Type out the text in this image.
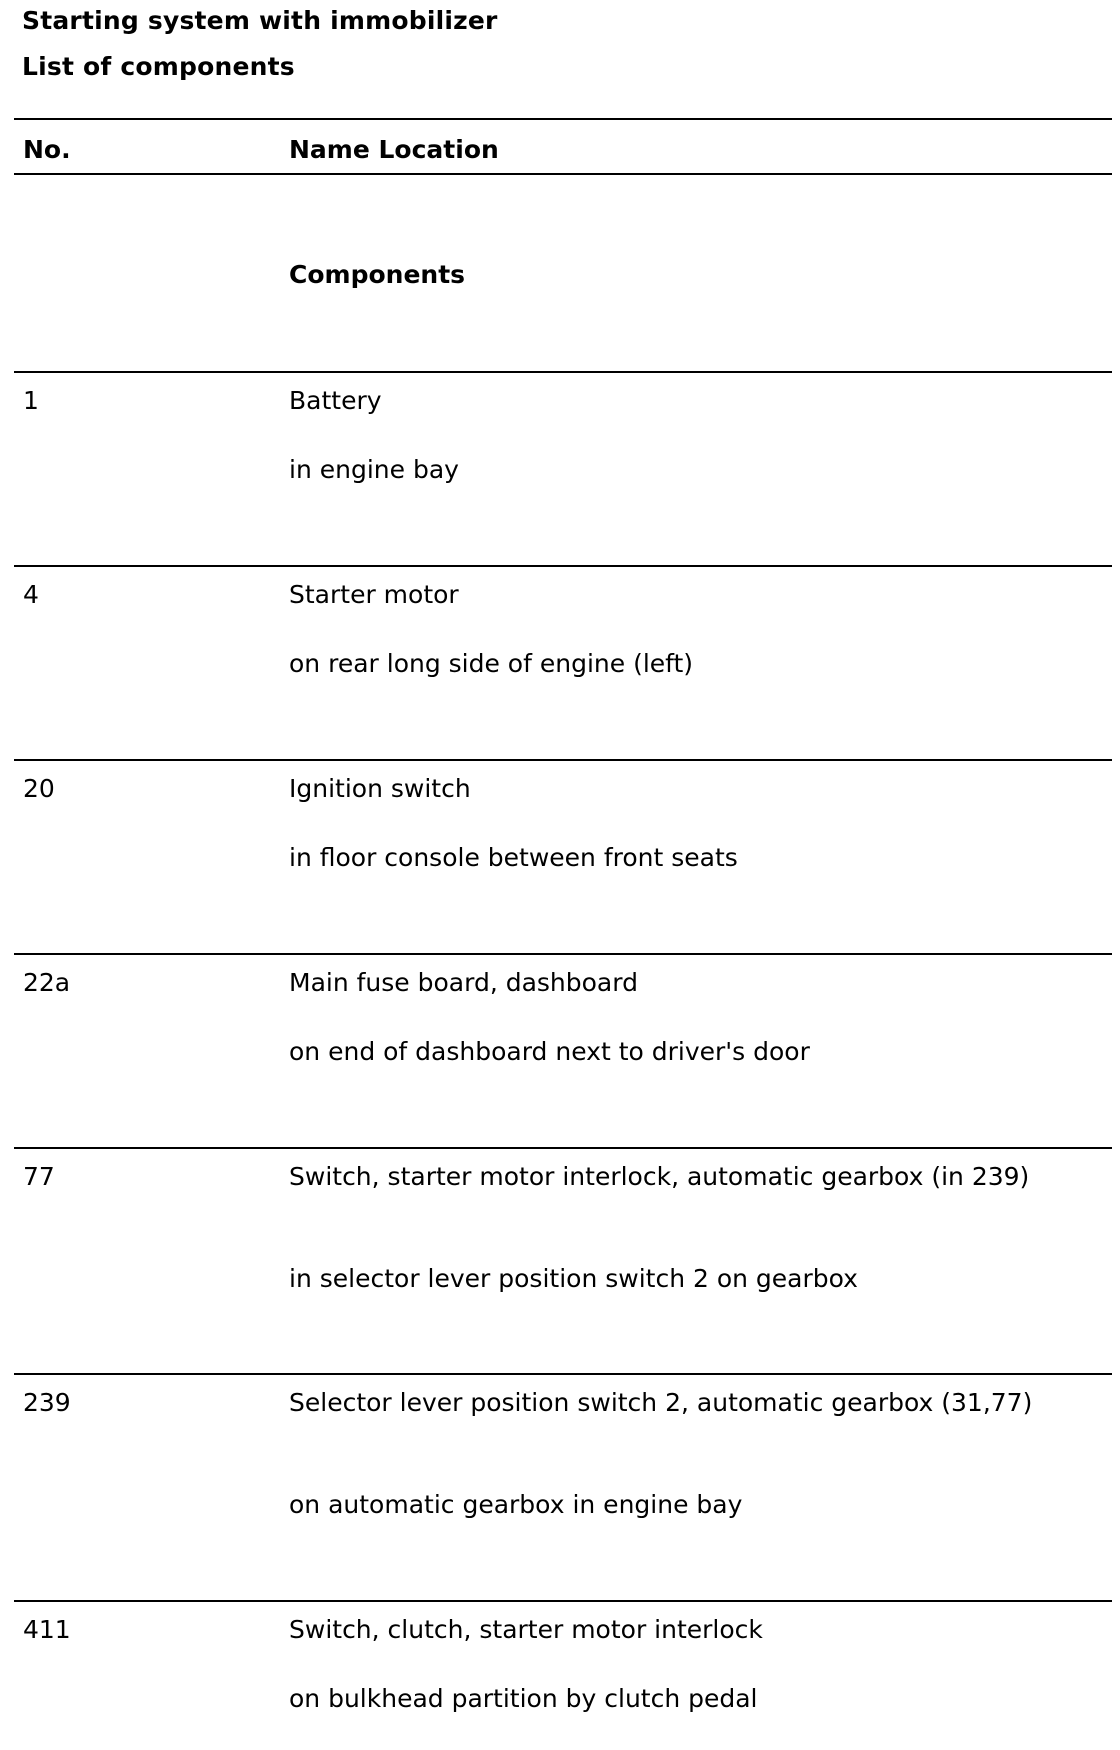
Starting system with immobilizer
List of components
No.	Name Location
Components
1	Battery
in engine bay
4	Starter motor
on rear long side of engine (left)
20	Ignition switch
in floor console between front seats
22a	Main fuse board, dashboard
on end of dashboard next to driver's door
77	Switch, starter motor interlock, automatic gearbox (in 239)
in selector lever position switch 2 on gearbox
239	Selector lever position switch 2, automatic gearbox (31,77)
on automatic gearbox in engine bay
411	Switch, clutch, starter motor interlock
on bulkhead partition by clutch pedal
